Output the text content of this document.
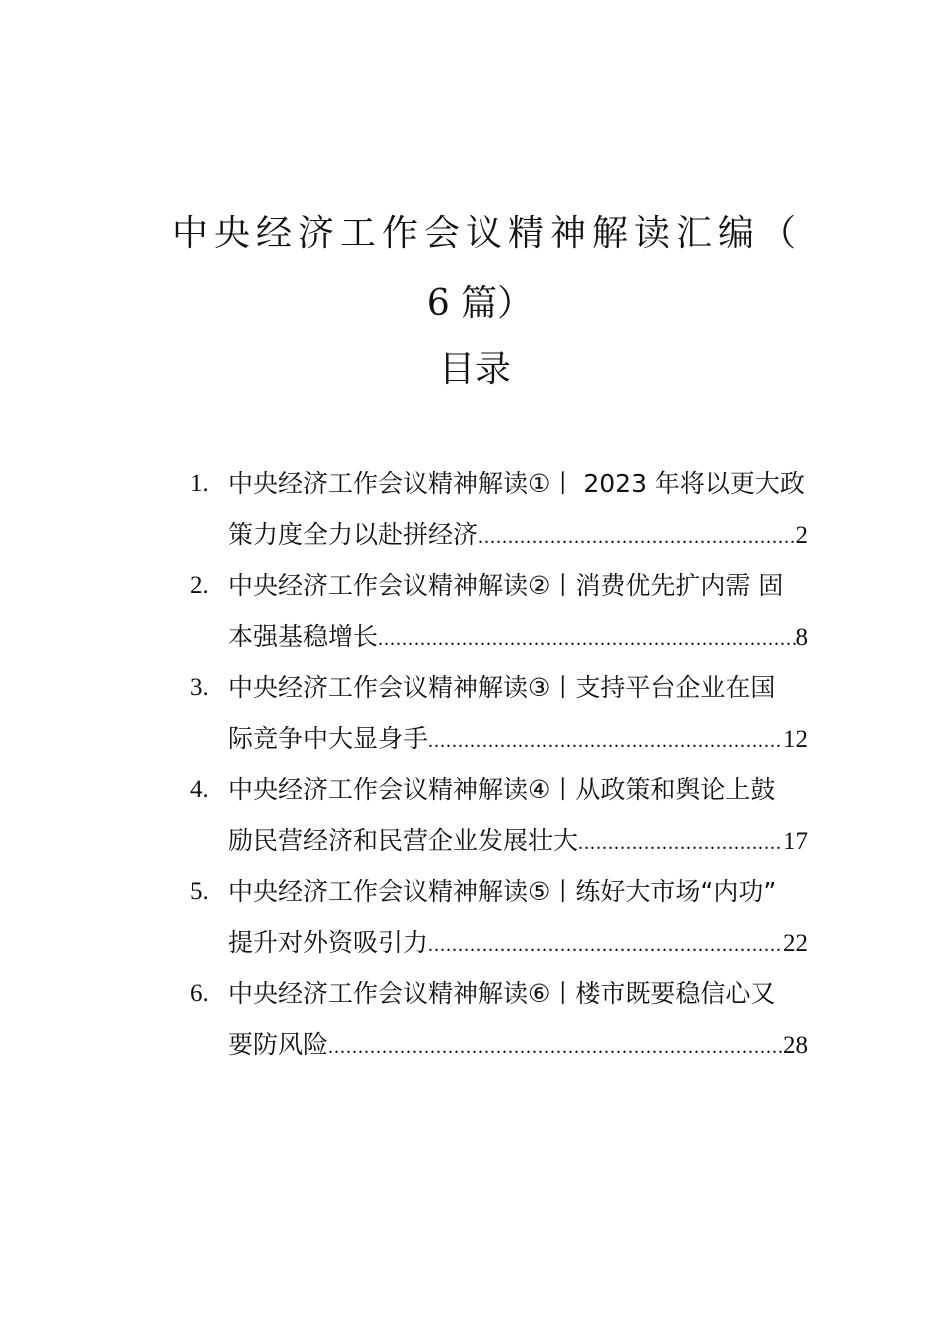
中央经济工作会议精神解读汇编（
6 篇）
目录
1. 中央经济工作会议精神解读①丨 2023 年将以更大政
策力度全力以赴拼经济 .....	2
2. 中央经济工作会议精神解读②丨消费优先扩内需 固
本强基稳增长 .....	8
3. 中央经济工作会议精神解读③丨支持平台企业在国
际竞争中大显身手 .....	12
4. 中央经济工作会议精神解读④丨从政策和舆论上鼓
励民营经济和民营企业发展壮大 .....	17
5. 中央经济工作会议精神解读⑤丨练好大市场“内功”
提升对外资吸引力 .....	22
6. 中央经济工作会议精神解读⑥丨楼市既要稳信心又
要防风险 .....	28
